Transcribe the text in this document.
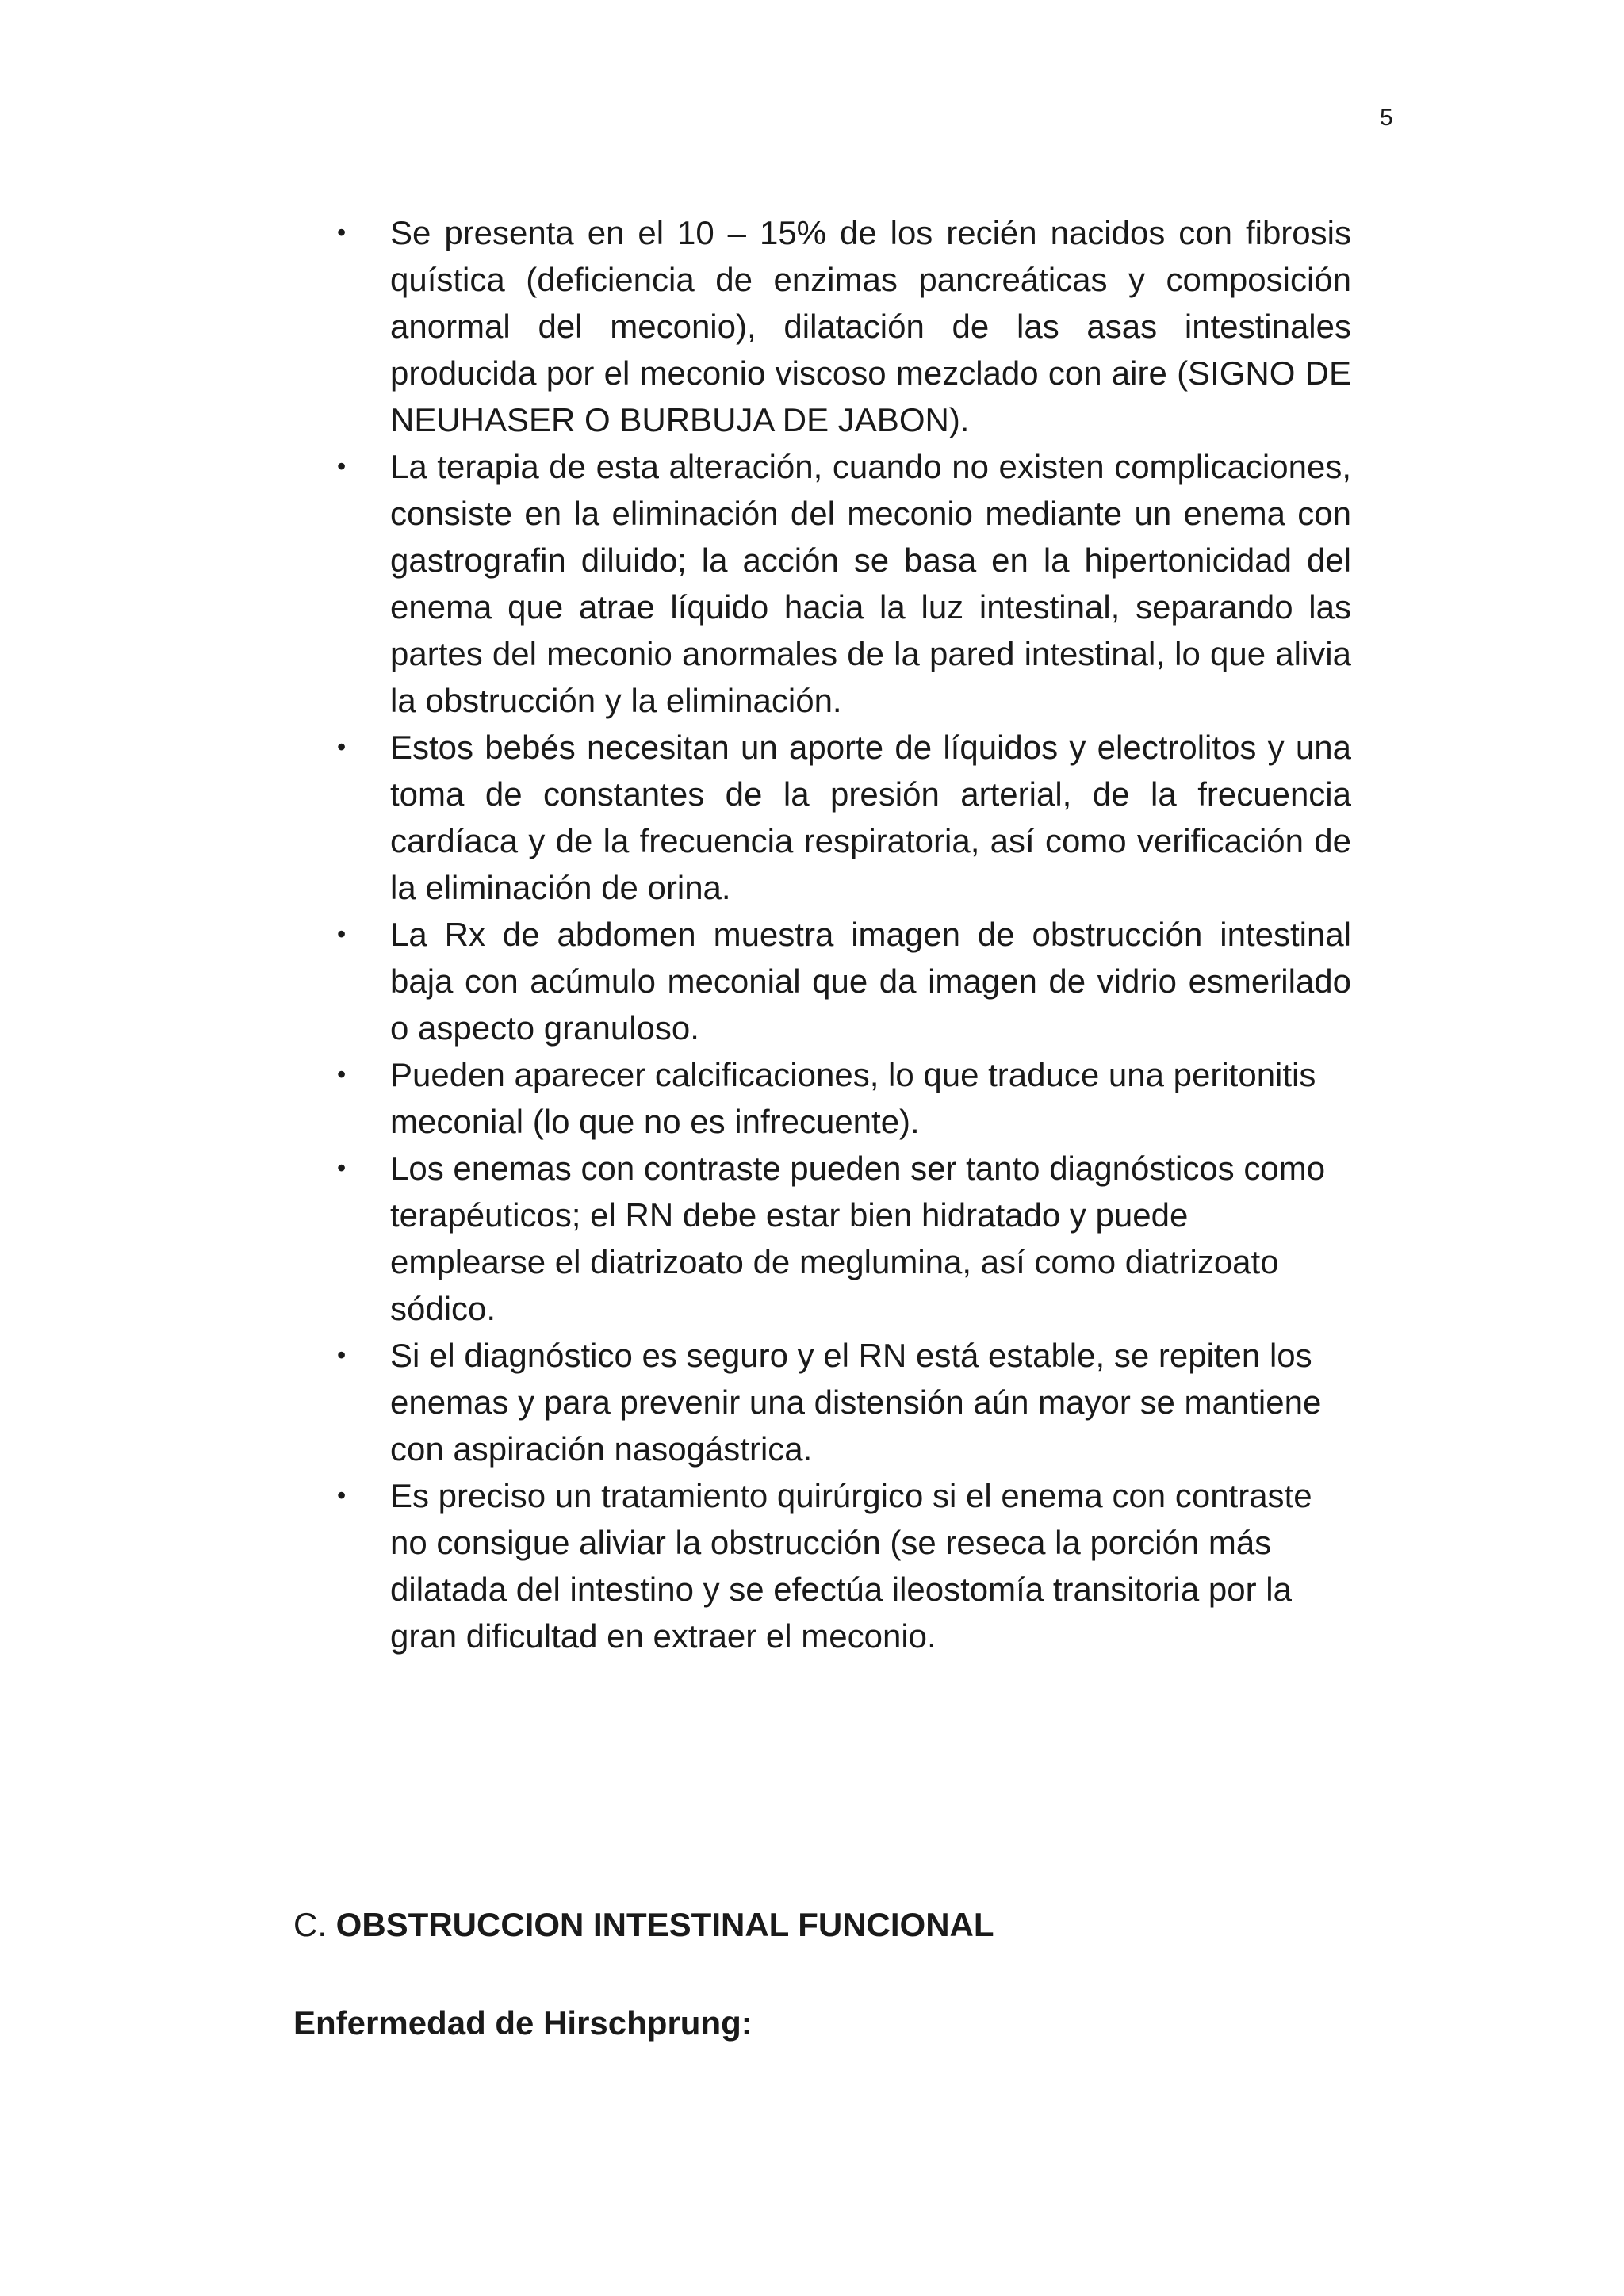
5
• Se presenta en el 10 – 15% de los recién nacidos con fibrosis quística (deficiencia de enzimas pancreáticas y composición anormal del meconio), dilatación de las asas intestinales producida por el meconio viscoso mezclado con aire (SIGNO DE NEUHASER O BURBUJA DE JABON).
• La terapia de esta alteración, cuando no existen complicaciones, consiste en la eliminación del meconio mediante un enema con gastrografin diluido; la acción se basa en la hipertonicidad del enema que atrae líquido hacia la luz intestinal, separando las partes del meconio anormales de la pared intestinal, lo que alivia la obstrucción y la eliminación.
• Estos bebés necesitan un aporte de líquidos y electrolitos y una toma de constantes de la presión arterial, de la frecuencia cardíaca y de la frecuencia respiratoria, así como verificación de la eliminación de orina.
• La Rx de abdomen muestra imagen de obstrucción intestinal baja con acúmulo meconial que da imagen de vidrio esmerilado o aspecto granuloso.
• Pueden aparecer calcificaciones, lo que traduce una peritonitis meconial (lo que no es infrecuente).
• Los enemas con contraste pueden ser tanto diagnósticos como terapéuticos; el RN debe estar bien hidratado y puede emplearse el diatrizoato de meglumina, así como diatrizoato sódico.
• Si el diagnóstico es seguro y el RN está estable, se repiten los enemas y para prevenir una distensión aún mayor se mantiene con aspiración nasogástrica.
• Es preciso un tratamiento quirúrgico si el enema con contraste no consigue aliviar la obstrucción (se reseca la porción más dilatada del intestino y se efectúa ileostomía transitoria por la gran dificultad en extraer el meconio.
C. OBSTRUCCION INTESTINAL FUNCIONAL
Enfermedad de Hirschprung:
